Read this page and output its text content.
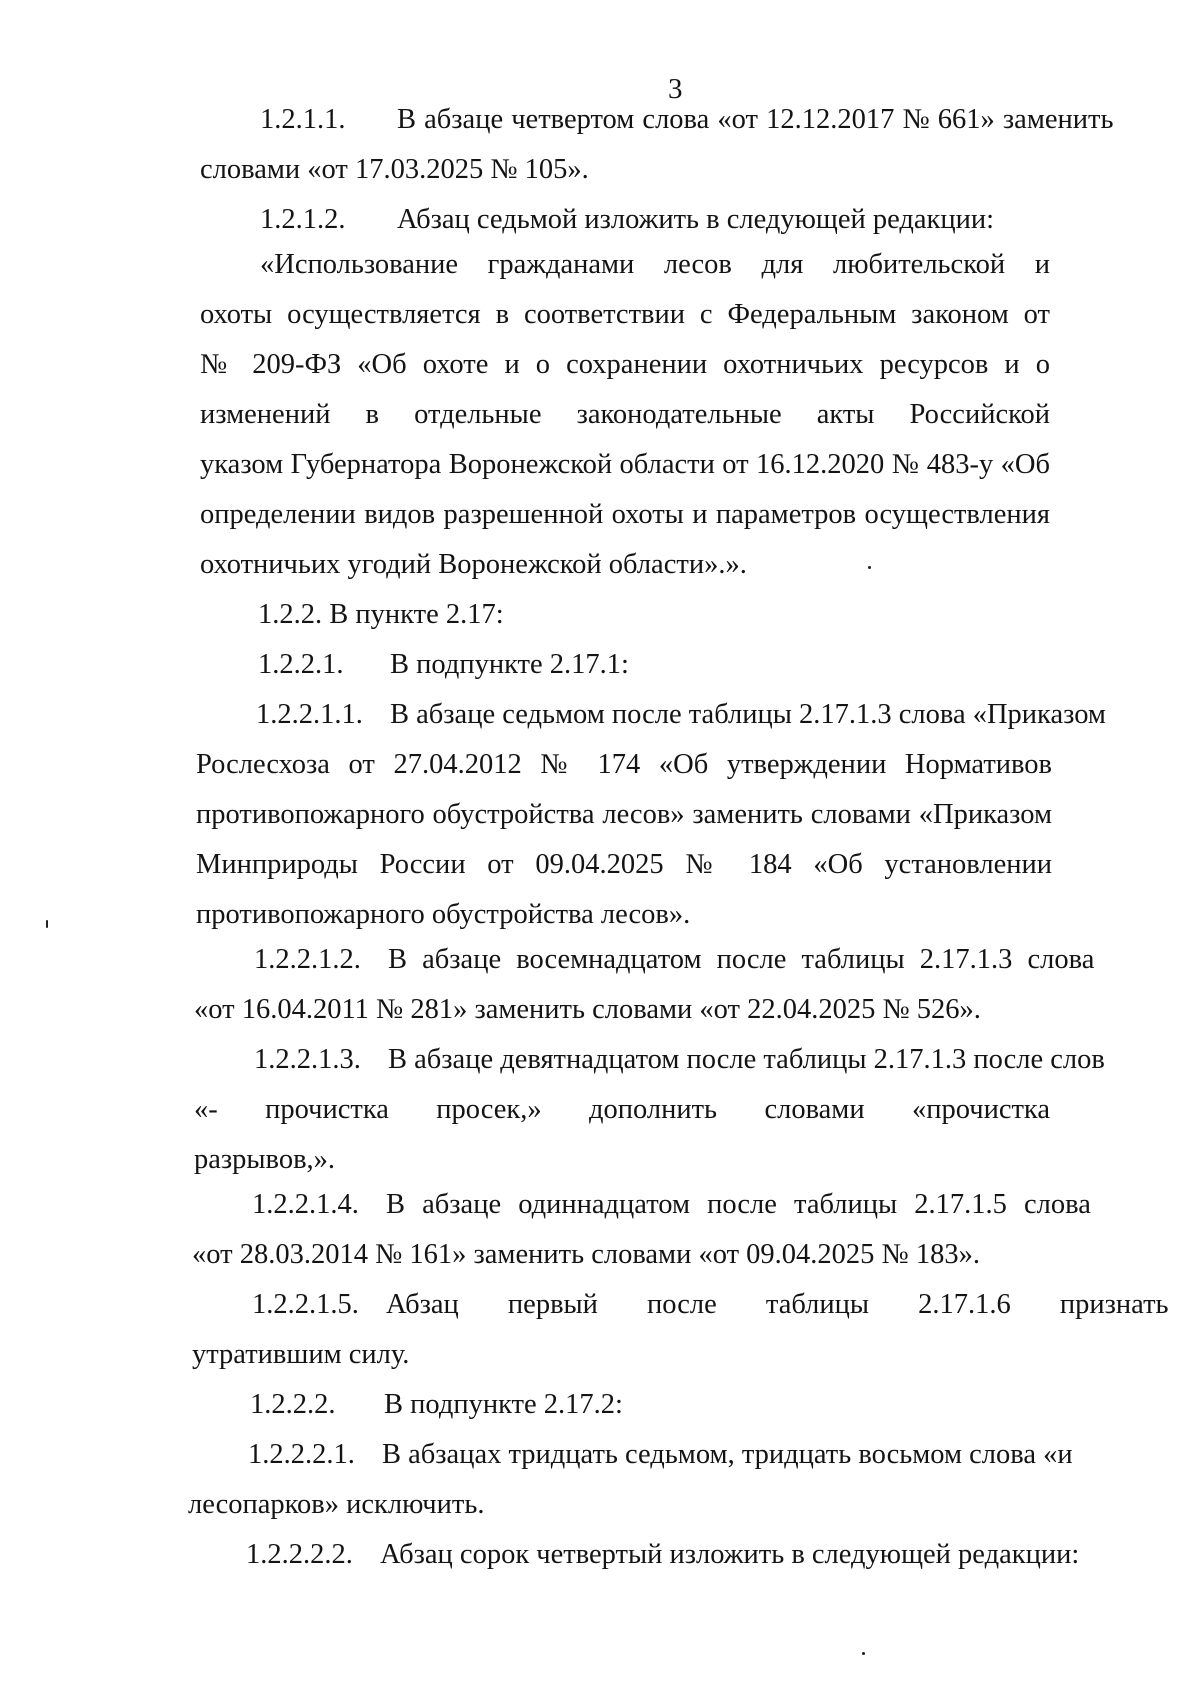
3
1.2.1.1. В абзаце четвертом слова «от 12.12.2017 № 661» заменить
словами «от 17.03.2025 № 105».
1.2.1.2. Абзац седьмой изложить в следующей редакции:
«Использование гражданами лесов для любительской и
охоты осуществляется в соответствии с Федеральным законом от
№ 209-ФЗ «Об охоте и о сохранении охотничьих ресурсов и о
изменений в отдельные законодательные акты Российской
указом Губернатора Воронежской области от 16.12.2020 № 483-у «Об
определении видов разрешенной охоты и параметров осуществления
охотничьих угодий Воронежской области».».
1.2.2. В пункте 2.17:
1.2.2.1. В подпункте 2.17.1:
1.2.2.1.1. В абзаце седьмом после таблицы 2.17.1.3 слова «Приказом
Рослесхоза от 27.04.2012 № 174 «Об утверждении Нормативов
противопожарного обустройства лесов» заменить словами «Приказом
Минприроды России от 09.04.2025 № 184 «Об установлении
противопожарного обустройства лесов».
1.2.2.1.2. В абзаце восемнадцатом после таблицы 2.17.1.3 слова
«от 16.04.2011 № 281» заменить словами «от 22.04.2025 № 526».
1.2.2.1.3. В абзаце девятнадцатом после таблицы 2.17.1.3 после слов
«- прочистка просек,» дополнить словами «прочистка
разрывов,».
1.2.2.1.4. В абзаце одиннадцатом после таблицы 2.17.1.5 слова
«от 28.03.2014 № 161» заменить словами «от 09.04.2025 № 183».
1.2.2.1.5. Абзац первый после таблицы 2.17.1.6 признать
утратившим силу.
1.2.2.2. В подпункте 2.17.2:
1.2.2.2.1. В абзацах тридцать седьмом, тридцать восьмом слова «и
лесопарков» исключить.
1.2.2.2.2. Абзац сорок четвертый изложить в следующей редакции:
